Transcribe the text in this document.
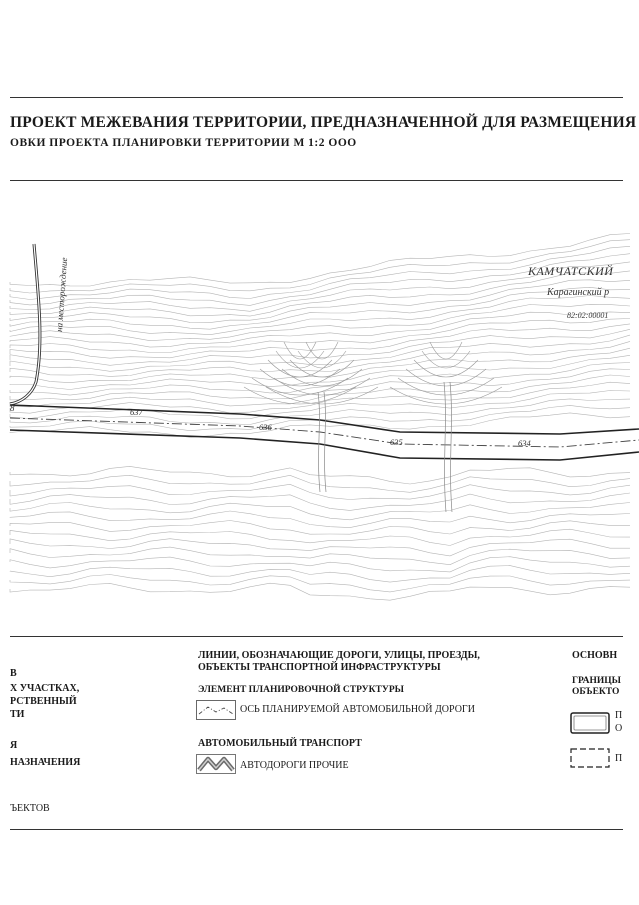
ПРОЕКТ МЕЖЕВАНИЯ ТЕРРИТОРИИ, ПРЕДНАЗНАЧЕННОЙ ДЛЯ РАЗМЕЩЕНИЯ
ОВКИ ПРОЕКТА ПЛАНИРОВКИ ТЕРРИТОРИИ М 1:2 ООО
на месторождение
8	637
636
635	634
КАМЧАТСКИЙ
Карагинский р
82:02:00001
В
Х УЧАСТКАХ,
РСТВЕННЫЙ
ТИ
Я
НАЗНАЧЕНИЯ
ЪЕКТОВ
ЛИНИИ, ОБОЗНАЧАЮЩИЕ ДОРОГИ, УЛИЦЫ, ПРОЕЗДЫ,
ОБЪЕКТЫ ТРАНСПОРТНОЙ ИНФРАСТРУКТУРЫ
ЭЛЕМЕНТ ПЛАНИРОВОЧНОЙ СТРУКТУРЫ
ОСЬ ПЛАНИРУЕМОЙ АВТОМОБИЛЬНОЙ ДОРОГИ
АВТОМОБИЛЬНЫЙ ТРАНСПОРТ
АВТОДОРОГИ ПРОЧИЕ
ОСНОВН
ГРАНИЦЫ
ОБЪЕКТО
П
О
П
